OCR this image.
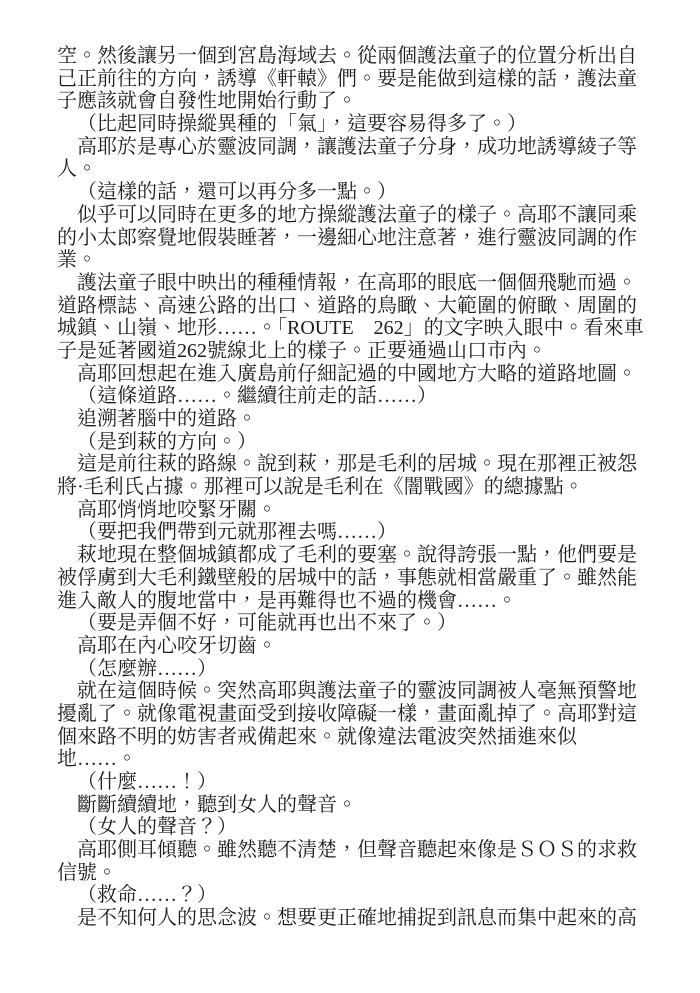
空。然後讓另一個到宮島海域去。從兩個護法童子的位置分析出自
己正前往的方向，誘導《軒轅》們。要是能做到這樣的話，護法童
子應該就會自發性地開始行動了。
（比起同時操縱異種的「氣」，這要容易得多了。）
高耶於是專心於靈波同調，讓護法童子分身，成功地誘導綾子等
人。
（這樣的話，還可以再分多一點。）
似乎可以同時在更多的地方操縱護法童子的樣子。高耶不讓同乘
的小太郎察覺地假裝睡著，一邊細心地注意著，進行靈波同調的作
業。
護法童子眼中映出的種種情報，在高耶的眼底一個個飛馳而過。
道路標誌、高速公路的出口、道路的鳥瞰、大範圍的俯瞰、周圍的
城鎮、山嶺、地形……。「ROUTE　262」的文字映入眼中。看來車
子是延著國道262號線北上的樣子。正要通過山口市內。
高耶回想起在進入廣島前仔細記過的中國地方大略的道路地圖。
（這條道路……。繼續往前走的話……）
追溯著腦中的道路。
（是到萩的方向。）
這是前往萩的路線。說到萩，那是毛利的居城。現在那裡正被怨
將·毛利氏占據。那裡可以說是毛利在《闇戰國》的總據點。
高耶悄悄地咬緊牙關。
（要把我們帶到元就那裡去嗎……）
萩地現在整個城鎮都成了毛利的要塞。說得誇張一點，他們要是
被俘虜到大毛利鐵壁般的居城中的話，事態就相當嚴重了。雖然能
進入敵人的腹地當中，是再難得也不過的機會……。
（要是弄個不好，可能就再也出不來了。）
高耶在內心咬牙切齒。
（怎麼辦……）
就在這個時候。突然高耶與護法童子的靈波同調被人毫無預警地
擾亂了。就像電視畫面受到接收障礙一樣，畫面亂掉了。高耶對這
個來路不明的妨害者戒備起來。就像違法電波突然插進來似
地……。
（什麼……！）
斷斷續續地，聽到女人的聲音。
（女人的聲音？）
高耶側耳傾聽。雖然聽不清楚，但聲音聽起來像是ＳＯＳ的求救
信號。
（救命……？）
是不知何人的思念波。想要更正確地捕捉到訊息而集中起來的高
